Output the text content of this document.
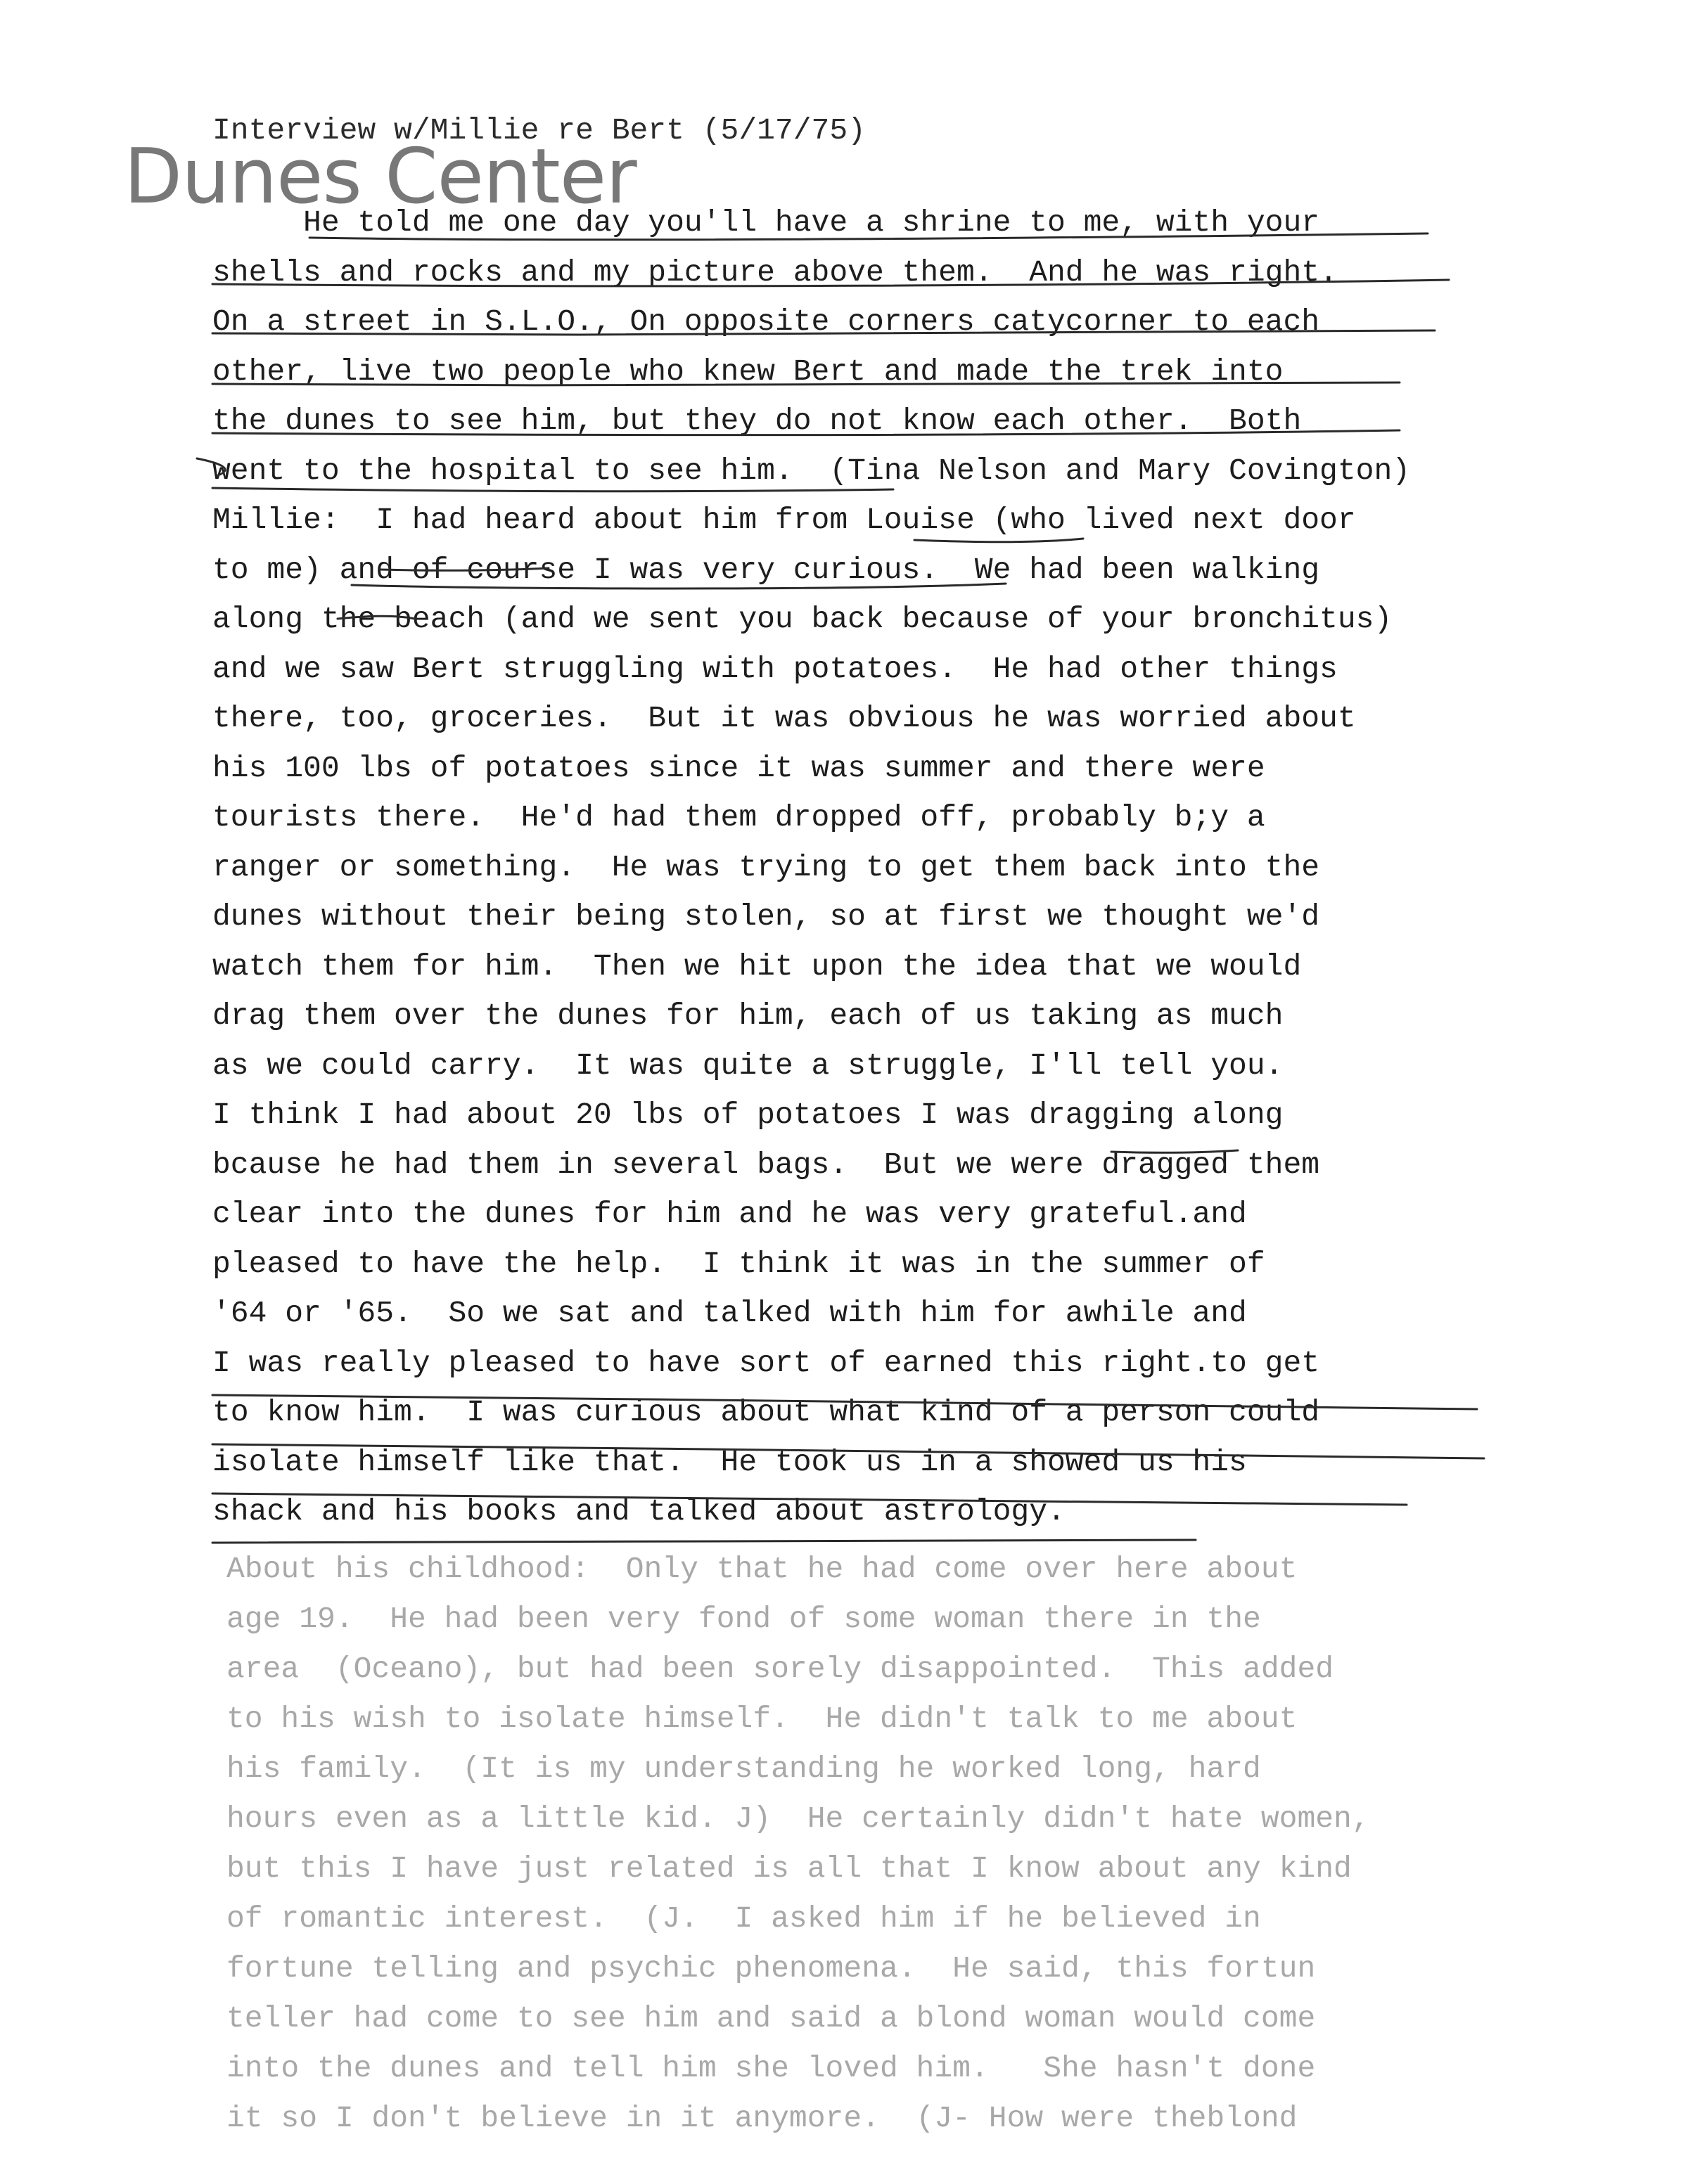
Interview w/Millie re Bert (5/17/75)
He told me one day you'll have a shrine to me, with your
shells and rocks and my picture above them.  And he was right.
On a street in S.L.O., On opposite corners catycorner to each
other, live two people who knew Bert and made the trek into
the dunes to see him, but they do not know each other.  Both
went to the hospital to see him.  (Tina Nelson and Mary Covington)
Millie:  I had heard about him from Louise (who lived next door
to me) and of course I was very curious.  We had been walking
along the beach (and we sent you back because of your bronchitus)
and we saw Bert struggling with potatoes.  He had other things
there, too, groceries.  But it was obvious he was worried about
his 100 lbs of potatoes since it was summer and there were
tourists there.  He'd had them dropped off, probably b;y a
ranger or something.  He was trying to get them back into the
dunes without their being stolen, so at first we thought we'd
watch them for him.  Then we hit upon the idea that we would
drag them over the dunes for him, each of us taking as much
as we could carry.  It was quite a struggle, I'll tell you.
I think I had about 20 lbs of potatoes I was dragging along
bcause he had them in several bags.  But we were dragged them
clear into the dunes for him and he was very grateful.and
pleased to have the help.  I think it was in the summer of
'64 or '65.  So we sat and talked with him for awhile and
I was really pleased to have sort of earned this right.to get
to know him.  I was curious about what kind of a person could
isolate himself like that.  He took us in a showed us his
shack and his books and talked about astrology.
About his childhood:  Only that he had come over here about
age 19.  He had been very fond of some woman there in the
area  (Oceano), but had been sorely disappointed.  This added
to his wish to isolate himself.  He didn't talk to me about
his family.  (It is my understanding he worked long, hard
hours even as a little kid. J)  He certainly didn't hate women,
but this I have just related is all that I know about any kind
of romantic interest.  (J.  I asked him if he believed in
fortune telling and psychic phenomena.  He said, this fortun
teller had come to see him and said a blond woman would come
into the dunes and tell him she loved him.   She hasn't done
it so I don't believe in it anymore.  (J- How were theblond
Dunes Center
